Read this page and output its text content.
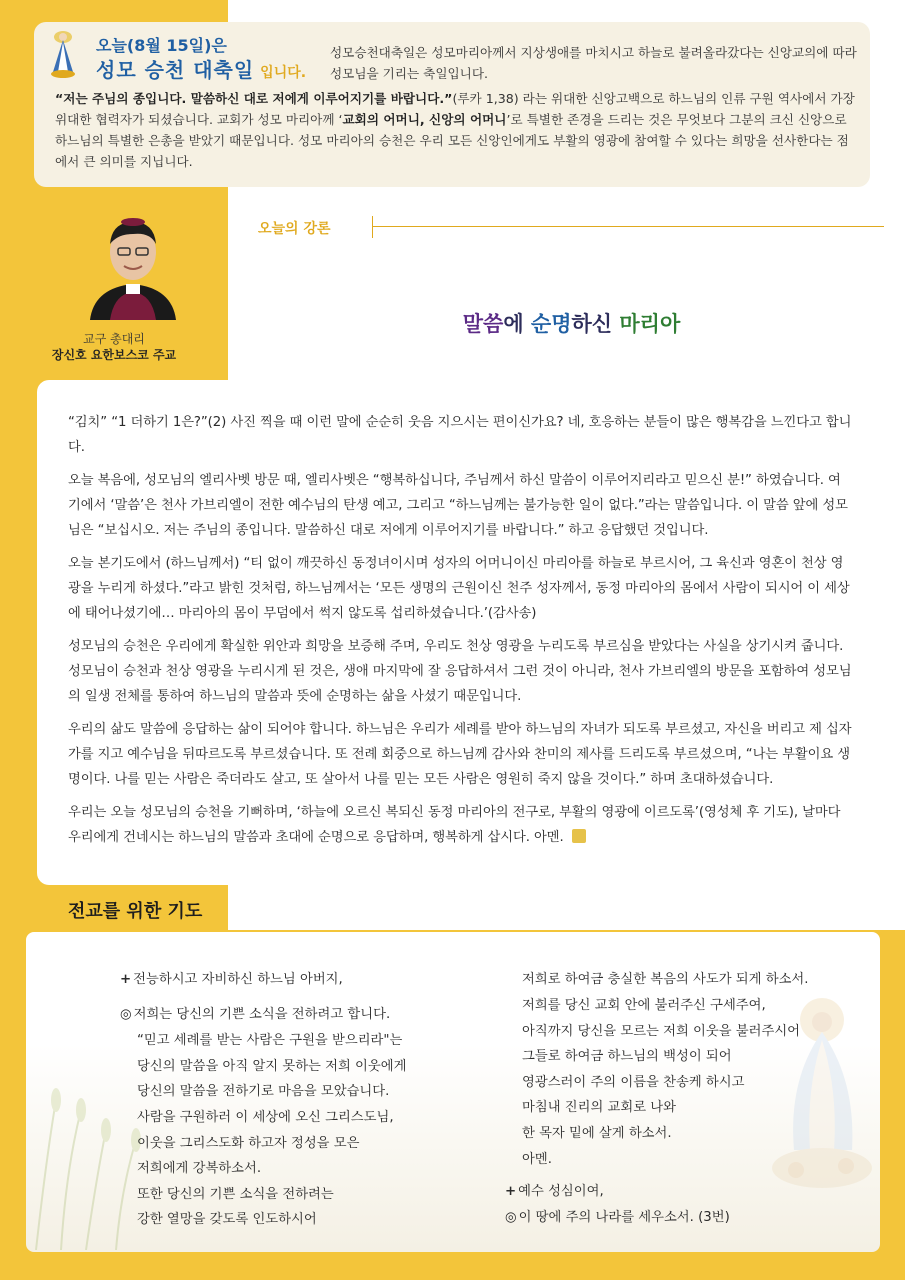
오늘(8월 15일)은
성모 승천 대축일 입니다.
성모승천대축일은 성모마리아께서 지상생애를 마치시고 하늘로 불려올라갔다는 신앙교의에 따라 성모님을 기리는 축일입니다.
“저는 주님의 종입니다. 말씀하신 대로 저에게 이루어지기를 바랍니다.”(루카 1,38) 라는 위대한 신앙고백으로 하느님의 인류 구원 역사에서 가장 위대한 협력자가 되셨습니다. 교회가 성모 마리아께 ‘교회의 어머니, 신앙의 어머니’로 특별한 존경을 드리는 것은 무엇보다 그분의 크신 신앙으로 하느님의 특별한 은총을 받았기 때문입니다. 성모 마리아의 승천은 우리 모든 신앙인에게도 부활의 영광에 참여할 수 있다는 희망을 선사한다는 점에서 큰 의미를 지닙니다.
교구 총대리
장신호 요한보스코 주교
오늘의 강론
말씀에 순명하신 마리아

“김치” “1 더하기 1은?”(2) 사진 찍을 때 이런 말에 순순히 웃음 지으시는 편이신가요? 네, 호응하는 분들이 많은 행복감을 느낀다고 합니다.

오늘 복음에, 성모님의 엘리사벳 방문 때, 엘리사벳은 “행복하십니다, 주님께서 하신 말씀이 이루어지리라고 믿으신 분!” 하였습니다. 여기에서 ‘말씀’은 천사 가브리엘이 전한 예수님의 탄생 예고, 그리고 “하느님께는 불가능한 일이 없다.”라는 말씀입니다. 이 말씀 앞에 성모님은 “보십시오. 저는 주님의 종입니다. 말씀하신 대로 저에게 이루어지기를 바랍니다.” 하고 응답했던 것입니다.

오늘 본기도에서 (하느님께서) “티 없이 깨끗하신 동정녀이시며 성자의 어머니이신 마리아를 하늘로 부르시어, 그 육신과 영혼이 천상 영광을 누리게 하셨다.”라고 밝힌 것처럼, 하느님께서는 ‘모든 생명의 근원이신 천주 성자께서, 동정 마리아의 몸에서 사람이 되시어 이 세상에 태어나셨기에… 마리아의 몸이 무덤에서 썩지 않도록 섭리하셨습니다.’(감사송)

성모님의 승천은 우리에게 확실한 위안과 희망을 보증해 주며, 우리도 천상 영광을 누리도록 부르심을 받았다는 사실을 상기시켜 줍니다. 성모님이 승천과 천상 영광을 누리시게 된 것은, 생애 마지막에 잘 응답하셔서 그런 것이 아니라, 천사 가브리엘의 방문을 포함하여 성모님의 일생 전체를 통하여 하느님의 말씀과 뜻에 순명하는 삶을 사셨기 때문입니다.

우리의 삶도 말씀에 응답하는 삶이 되어야 합니다. 하느님은 우리가 세례를 받아 하느님의 자녀가 되도록 부르셨고, 자신을 버리고 제 십자가를 지고 예수님을 뒤따르도록 부르셨습니다. 또 전례 회중으로 하느님께 감사와 찬미의 제사를 드리도록 부르셨으며, “나는 부활이요 생명이다. 나를 믿는 사람은 죽더라도 살고, 또 살아서 나를 믿는 모든 사람은 영원히 죽지 않을 것이다.” 하며 초대하셨습니다.

우리는 오늘 성모님의 승천을 기뻐하며, ‘하늘에 오르신 복되신 동정 마리아의 전구로, 부활의 영광에 이르도록’(영성체 후 기도), 날마다 우리에게 건네시는 하느님의 말씀과 초대에 순명으로 응답하며, 행복하게 삽시다. 아멘.

전교를 위한 기도
+ 전능하시고 자비하신 하느님 아버지,
◎ 저희는 당신의 기쁜 소식을 전하려고 합니다.
“믿고 세례를 받는 사람은 구원을 받으리라"는
당신의 말씀을 아직 알지 못하는 저희 이웃에게
당신의 말씀을 전하기로 마음을 모았습니다.
사람을 구원하러 이 세상에 오신 그리스도님,
이웃을 그리스도화 하고자 정성을 모은
저희에게 강복하소서.
또한 당신의 기쁜 소식을 전하려는
강한 열망을 갖도록 인도하시어
저희로 하여금 충실한 복음의 사도가 되게 하소서.
저희를 당신 교회 안에 불러주신 구세주여,
아직까지 당신을 모르는 저희 이웃을 불러주시어
그들로 하여금 하느님의 백성이 되어
영광스러이 주의 이름을 찬송케 하시고
마침내 진리의 교회로 나와
한 목자 밑에 살게 하소서.
아멘.
+ 예수 성심이여,
◎ 이 땅에 주의 나라를 세우소서. (3번)
